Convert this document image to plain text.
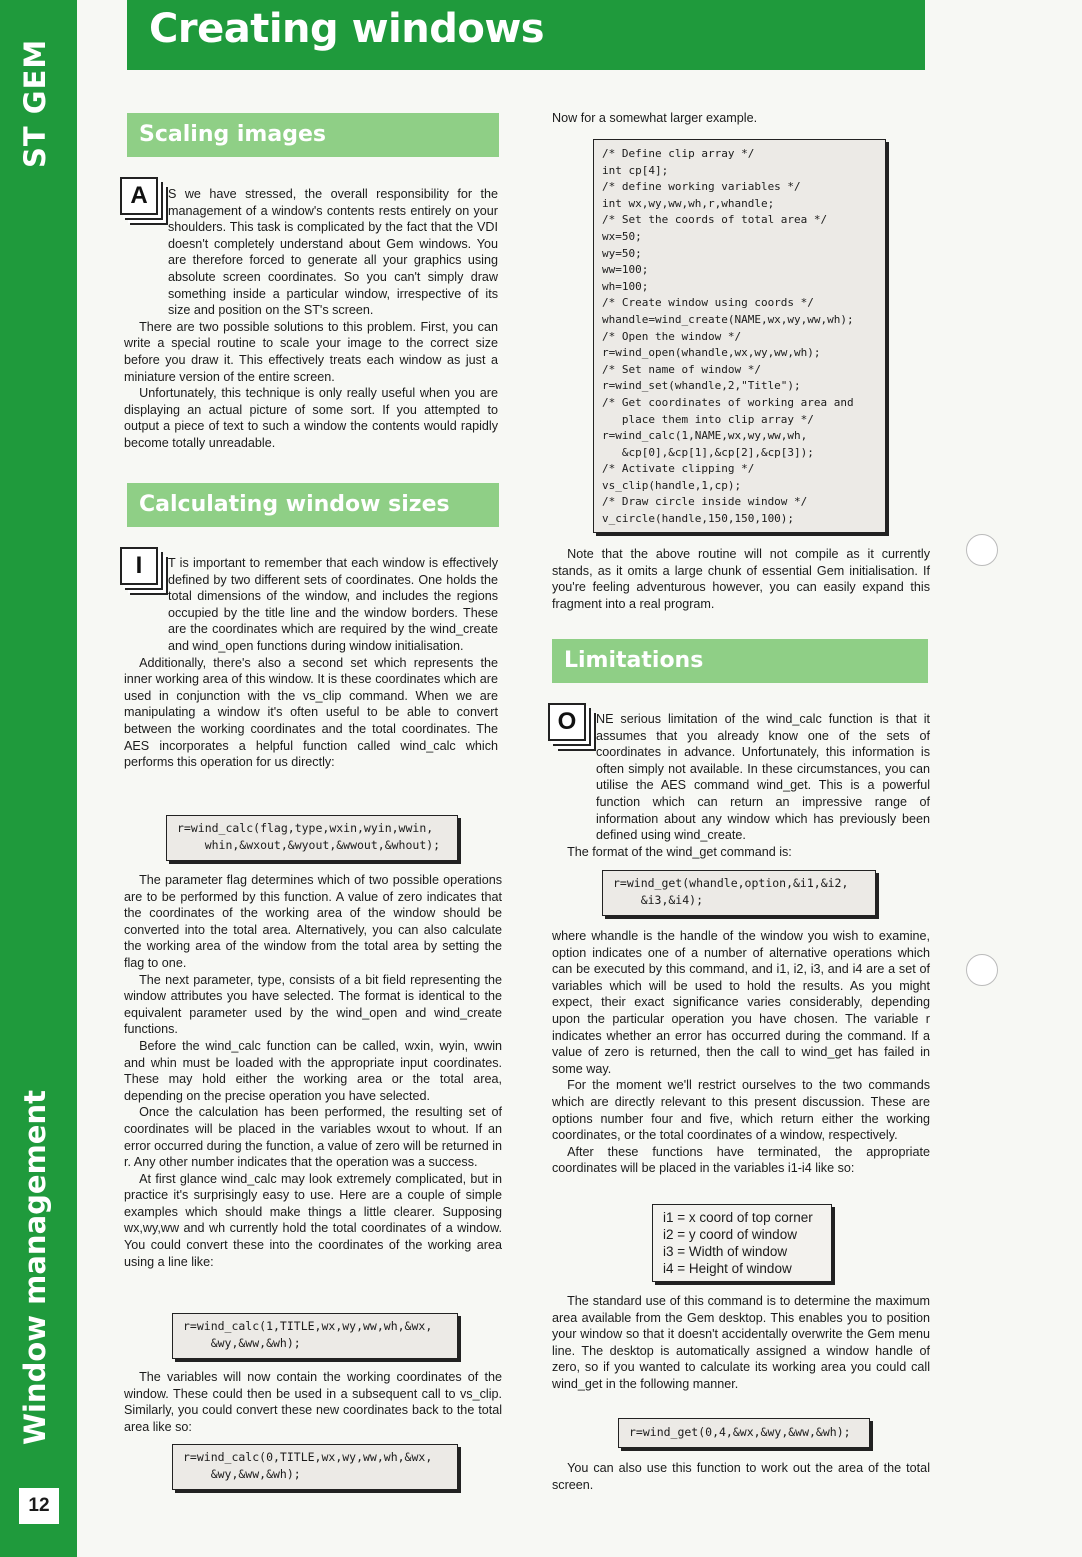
ST GEM
Window management
12
Creating windows
Scaling images
A	S we have stressed, the overall responsibility for the management of a window's contents rests entirely on your shoulders. This task is complicated by the fact that the VDI doesn't completely understand about Gem windows. You are therefore forced to generate all your graphics using absolute screen coordinates. So you can't simply draw something inside a particular window, irrespective of its size and position on the ST's screen.

There are two possible solutions to this problem. First, you can write a special routine to scale your image to the correct size before you draw it. This effectively treats each window as just a miniature version of the entire screen.

Unfortunately, this technique is only really useful when you are displaying an actual picture of some sort. If you attempted to output a piece of text to such a window the contents would rapidly become totally unreadable.

Calculating window sizes
I	T is important to remember that each window is effectively defined by two different sets of coordinates. One holds the total dimensions of the window, and includes the regions occupied by the title line and the window borders. These are the coordinates which are required by the wind_create and wind_open functions during window initialisation.

Additionally, there's also a second set which represents the inner working area of this window. It is these coordinates which are used in conjunction with the vs_clip command. When we are manipulating a window it's often useful to be able to convert between the working coordinates and the total coordinates. The AES incorporates a helpful function called wind_calc which performs this operation for us directly:

r=wind_calc(flag,type,wxin,wyin,wwin,
whin,&wxout,&wyout,&wwout,&whout);

The parameter flag determines which of two possible operations are to be performed by this function. A value of zero indicates that the coordinates of the working area of the window should be converted into the total area. Alternatively, you can also calculate the working area of the window from the total area by setting the flag to one.

The next parameter, type, consists of a bit field representing the window attributes you have selected. The format is identical to the equivalent parameter used by the wind_open and wind_create functions.

Before the wind_calc function can be called, wxin, wyin, wwin and whin must be loaded with the appropriate input coordinates. These may hold either the working area or the total area, depending on the precise operation you have selected.

Once the calculation has been performed, the resulting set of coordinates will be placed in the variables wxout to whout. If an error occurred during the function, a value of zero will be returned in r. Any other number indicates that the operation was a success.

At first glance wind_calc may look extremely complicated, but in practice it's surprisingly easy to use. Here are a couple of simple examples which should make things a little clearer. Supposing wx,wy,ww and wh currently hold the total coordinates of a window. You could convert these into the coordinates of the working area using a line like:

r=wind_calc(1,TITLE,wx,wy,ww,wh,&wx,
&wy,&ww,&wh);

The variables will now contain the working coordinates of the window. These could then be used in a subsequent call to vs_clip. Similarly, you could convert these new coordinates back to the total area like so:

r=wind_calc(0,TITLE,wx,wy,ww,wh,&wx,
&wy,&ww,&wh);

Now for a somewhat larger example.

/* Define clip array */
int cp[4];
/* define working variables */
int wx,wy,ww,wh,r,whandle;
/* Set the coords of total area */
wx=50;
wy=50;
ww=100;
wh=100;
/* Create window using coords */
whandle=wind_create(NAME,wx,wy,ww,wh);
/* Open the window */
r=wind_open(whandle,wx,wy,ww,wh);
/* Set name of window */
r=wind_set(whandle,2,"Title");
/* Get coordinates of working area and
place them into clip array */
r=wind_calc(1,NAME,wx,wy,ww,wh,
&cp[0],&cp[1],&cp[2],&cp[3]);
/* Activate clipping */
vs_clip(handle,1,cp);
/* Draw circle inside window */
v_circle(handle,150,150,100);

Note that the above routine will not compile as it currently stands, as it omits a large chunk of essential Gem initialisation. If you're feeling adventurous however, you can easily expand this fragment into a real program.

Limitations
O	NE serious limitation of the wind_calc function is that it assumes that you already know one of the sets of coordinates in advance. Unfortunately, this information is often simply not available. In these circumstances, you can utilise the AES command wind_get. This is a powerful function which can return an impressive range of information about any window which has previously been defined using wind_create.

The format of the wind_get command is:

r=wind_get(whandle,option,&i1,&i2,
&i3,&i4);

where whandle is the handle of the window you wish to examine, option indicates one of a number of alternative operations which can be executed by this command, and i1, i2, i3, and i4 are a set of variables which will be used to hold the results. As you might expect, their exact significance varies considerably, depending upon the particular operation you have chosen. The variable r indicates whether an error has occurred during the command. If a value of zero is returned, then the call to wind_get has failed in some way.

For the moment we'll restrict ourselves to the two commands which are directly relevant to this present discussion. These are options number four and five, which return either the working coordinates, or the total coordinates of a window, respectively.

After these functions have terminated, the appropriate coordinates will be placed in the variables i1-i4 like so:

i1 = x coord of top corner
i2 = y coord of window
i3 = Width of window
i4 = Height of window

The standard use of this command is to determine the maximum area available from the Gem desktop. This enables you to position your window so that it doesn't accidentally overwrite the Gem menu line. The desktop is automatically assigned a window handle of zero, so if you wanted to calculate its working area you could call wind_get in the following manner.

r=wind_get(0,4,&wx,&wy,&ww,&wh);

You can also use this function to work out the area of the total screen.
